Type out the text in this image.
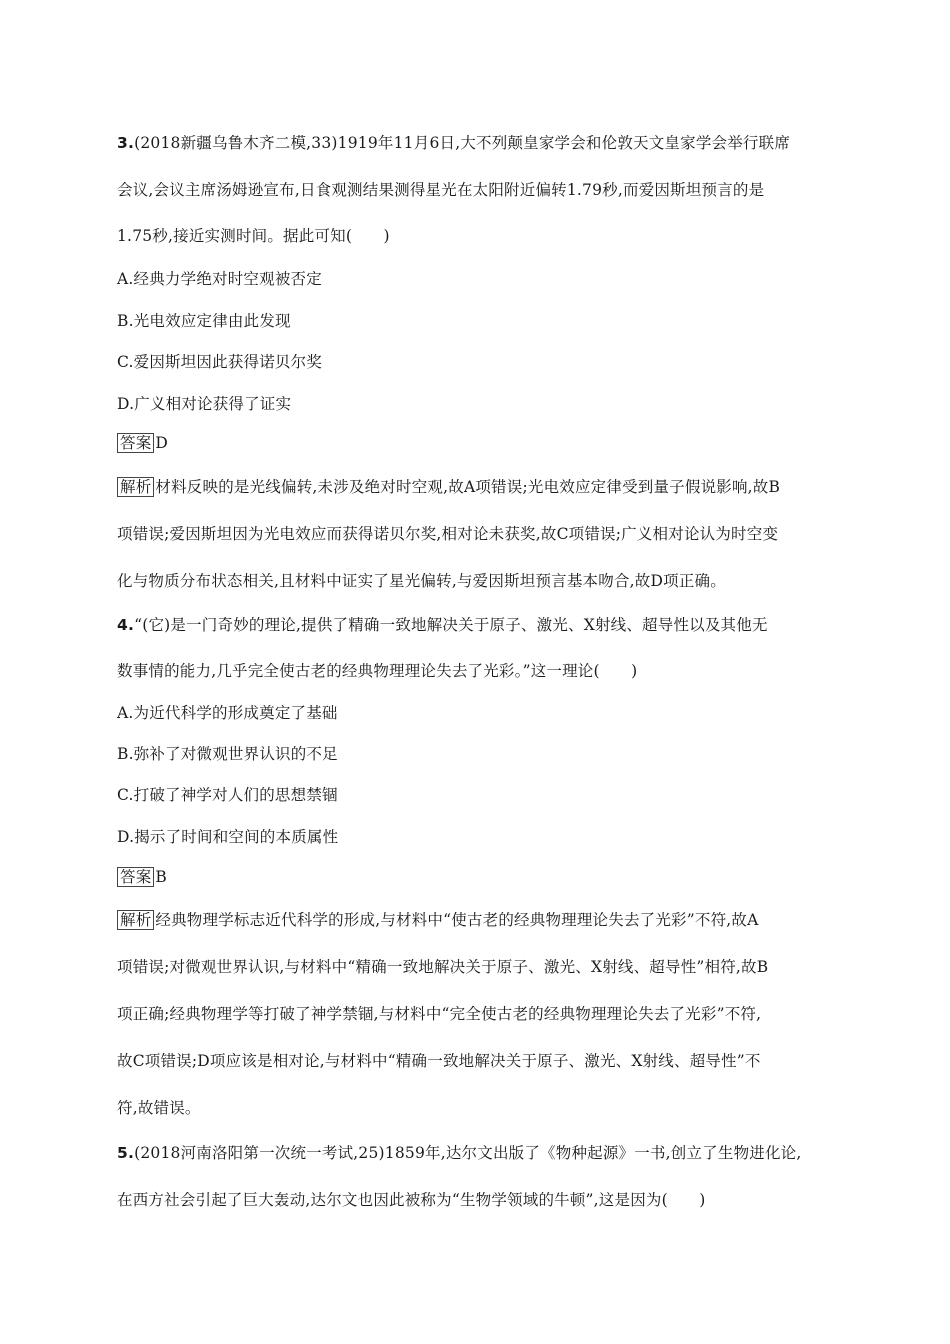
3.(2018新疆乌鲁木齐二模,33)1919年11月6日,大不列颠皇家学会和伦敦天文皇家学会举行联席
会议,会议主席汤姆逊宣布,日食观测结果测得星光在太阳附近偏转1.79秒,而爱因斯坦预言的是
1.75秒,接近实测时间。据此可知(　　)
A.经典力学绝对时空观被否定
B.光电效应定律由此发现
C.爱因斯坦因此获得诺贝尔奖
D.广义相对论获得了证实
答案 D
解析 材料反映的是光线偏转,未涉及绝对时空观,故A项错误;光电效应定律受到量子假说影响,故B
项错误;爱因斯坦因为光电效应而获得诺贝尔奖,相对论未获奖,故C项错误;广义相对论认为时空变
化与物质分布状态相关,且材料中证实了星光偏转,与爱因斯坦预言基本吻合,故D项正确。
4.“(它)是一门奇妙的理论,提供了精确一致地解决关于原子、激光、X射线、超导性以及其他无
数事情的能力,几乎完全使古老的经典物理理论失去了光彩。”这一理论(　　)
A.为近代科学的形成奠定了基础
B.弥补了对微观世界认识的不足
C.打破了神学对人们的思想禁锢
D.揭示了时间和空间的本质属性
答案 B
解析 经典物理学标志近代科学的形成,与材料中“使古老的经典物理理论失去了光彩”不符,故A
项错误;对微观世界认识,与材料中“精确一致地解决关于原子、激光、X射线、超导性”相符,故B
项正确;经典物理学等打破了神学禁锢,与材料中“完全使古老的经典物理理论失去了光彩”不符,
故C项错误;D项应该是相对论,与材料中“精确一致地解决关于原子、激光、X射线、超导性”不
符,故错误。
5.(2018河南洛阳第一次统一考试,25)1859年,达尔文出版了《物种起源》一书,创立了生物进化论,
在西方社会引起了巨大轰动,达尔文也因此被称为“生物学领域的牛顿”,这是因为(　　)
